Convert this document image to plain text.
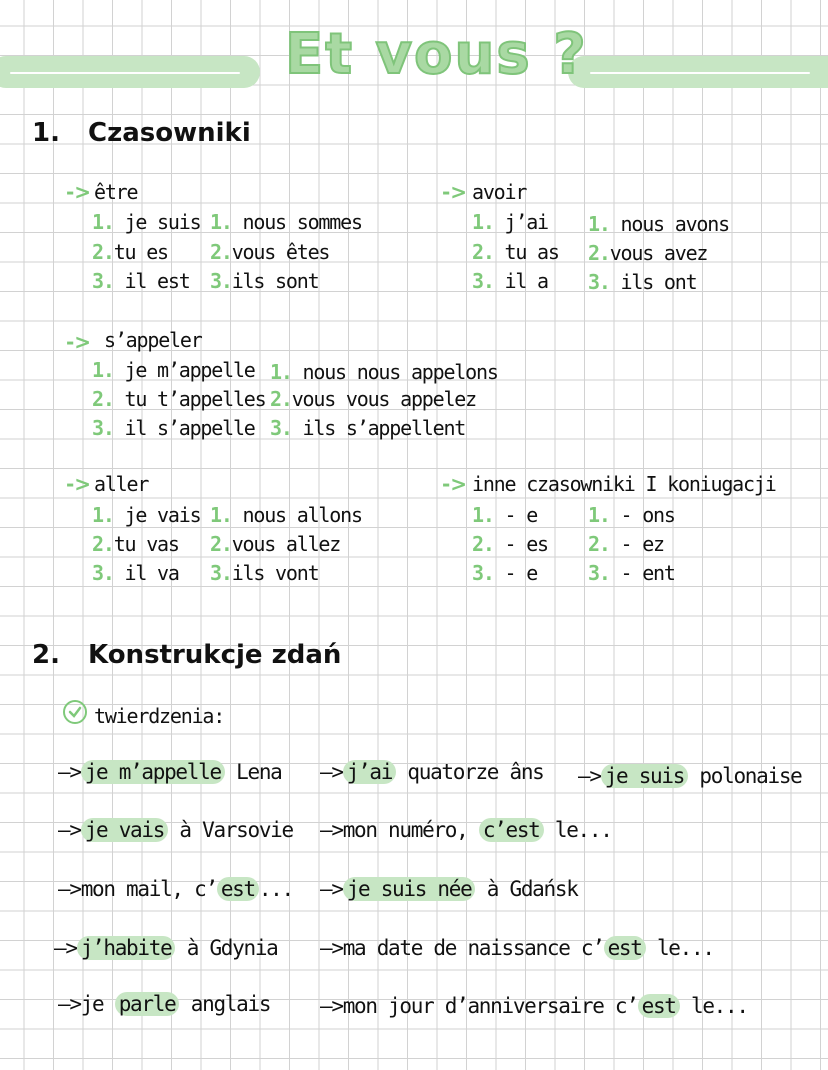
Et vous ?
1. Czasowniki
-> être
1. je suis
2.tu es
3. il est
1. nous sommes
2.vous êtes
3.ils sont
-> avoir
1. j’ai
2. tu as
3. il a
1. nous avons
2.vous avez
3. ils ont
-> s’appeler
1. je m’appelle
2. tu t’appelles
3. il s’appelle
1. nous nous appelons
2.vous vous appelez
3. ils s’appellent
-> aller
1. je vais
2.tu vas
3. il va
1. nous allons
2.vous allez
3.ils vont
-> inne czasowniki I koniugacji
1. - e
2. - es
3. - e
1. - ons
2. - ez
3. - ent
2. Konstrukcje zdań
twierdzenia:
—> je m’appelle Lena —> j’ai quatorze âns —> je suis polonaise
—> je vais à Varsovie —>mon numéro, c’est le...
—>mon mail, c’ est ... —> je suis née à Gdańsk
—> j’habite à Gdynia —>ma date de naissance c’ est le...
—>je parle anglais —>mon jour d’anniversaire c’ est le...
